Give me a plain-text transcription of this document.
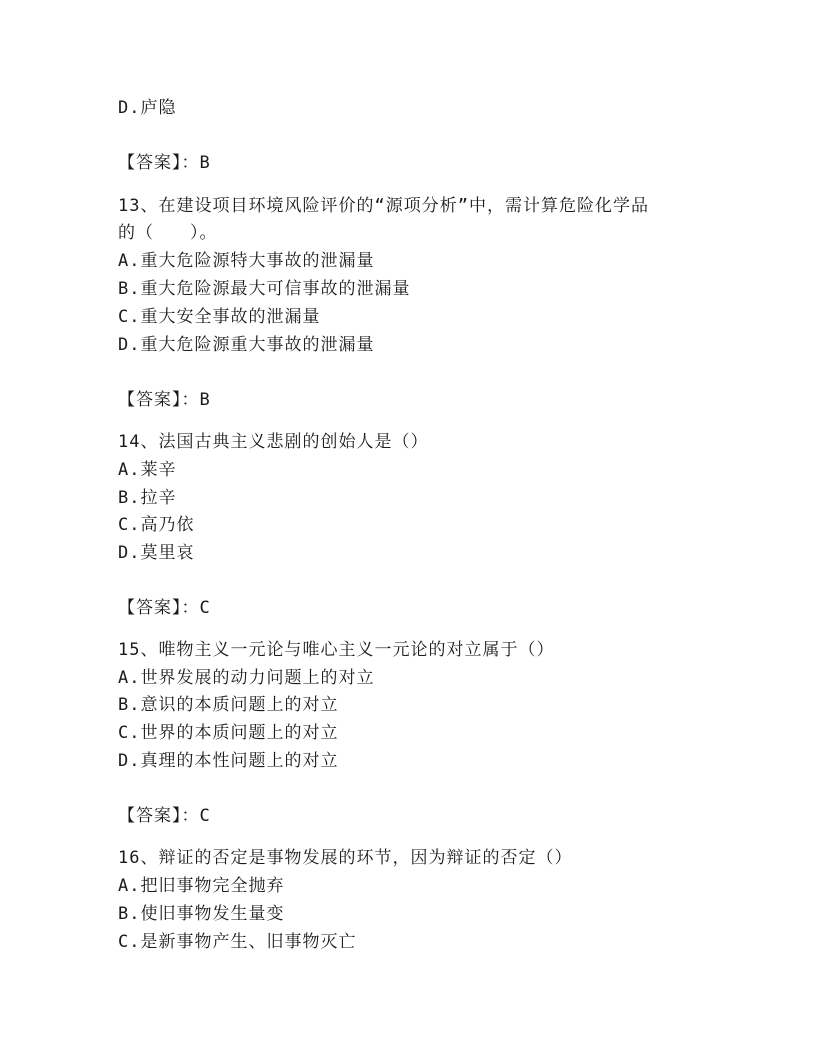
D.庐隐
【答案】：B
13、在建设项目环境风险评价的“源项分析”中，需计算危险化学品
的（　　）。
A.重大危险源特大事故的泄漏量
B.重大危险源最大可信事故的泄漏量
C.重大安全事故的泄漏量
D.重大危险源重大事故的泄漏量
【答案】：B
14、法国古典主义悲剧的创始人是（）
A.莱辛
B.拉辛
C.高乃依
D.莫里哀
【答案】：C
15、唯物主义一元论与唯心主义一元论的对立属于（）
A.世界发展的动力问题上的对立
B.意识的本质问题上的对立
C.世界的本质问题上的对立
D.真理的本性问题上的对立
【答案】：C
16、辩证的否定是事物发展的环节，因为辩证的否定（）
A.把旧事物完全抛弃
B.使旧事物发生量变
C.是新事物产生、旧事物灭亡
